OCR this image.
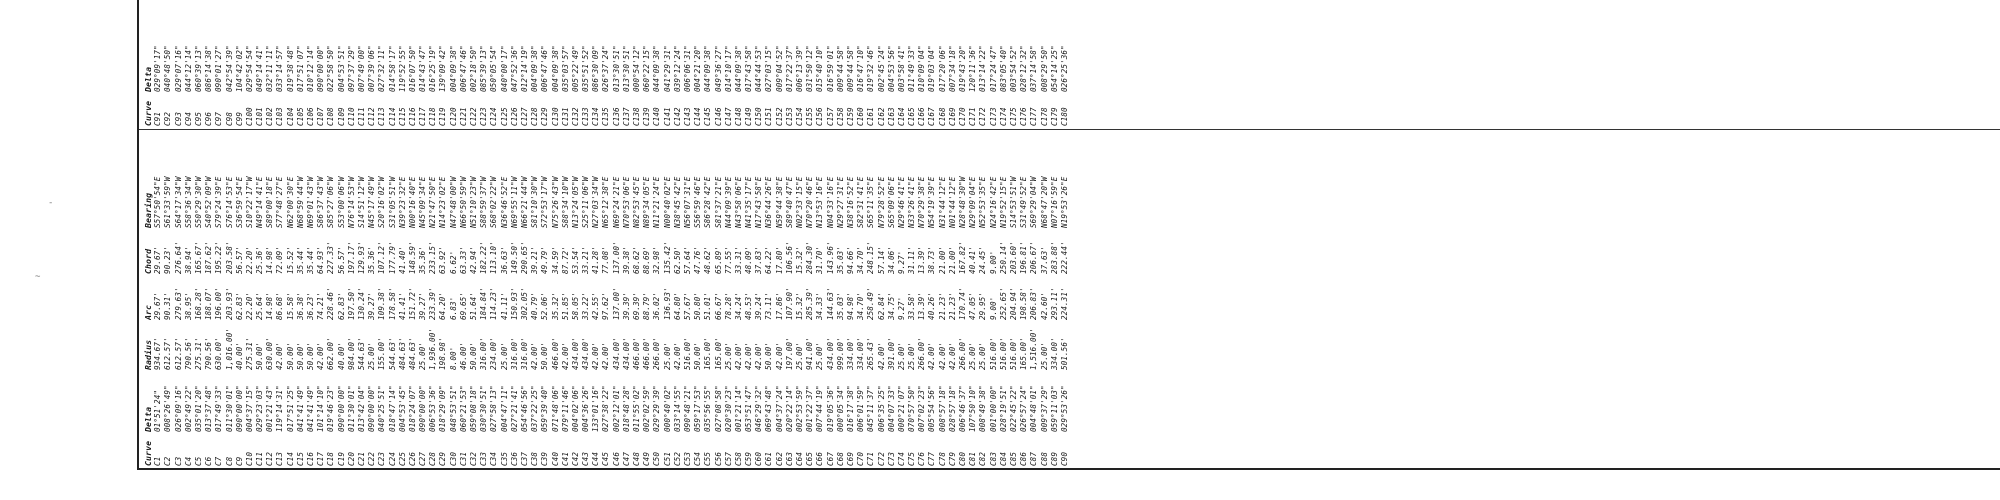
Curve
Delta
Radius
Arc
Chord
Bearing
C1
01°51'24"
934.67'
29.67'
29.67'
S57°50'54"E
C2
008°26'49"
612.57'
90.31'
90.23'
S61°33'59"W
C3
026°09'16"
612.57'
279.63'
276.64'
S64°17'34"W
C4
002°49'22"
790.56'
38.95'
38.94'
S58°36'34"W
C5
035°01'20"
275.31'
168.28'
165.67'
S50°29'30"W
C6
013°37'48"
790.56'
188.07'
187.62'
S40°52'09"W
C7
017°49'33"
630.00'
196.00'
195.22'
S79°24'39"E
C8
011°30'01"
1,016.00'
203.93'
203.58'
S76°14'53"E
C9
090°00'00"
40.00'
62.83'
56.57'
S36°59'54"E
C10
004°37'15"
275.31'
22.20'
22.20'
S10°22'17"W
C11
029°23'03"
50.00'
25.64'
25.36'
N49°14'41"E
C12
001°21'43"
630.00'
14.98'
14.98'
S89°00'18"E
C13
119°14'31"
42.00'
86.68'
72.09'
S77°48'27"E
C14
017°51'25"
50.00'
15.58'
15.52'
N62°00'30"E
C15
041°41'49"
50.00'
36.38'
35.44'
N68°59'44"W
C16
041°41'49"
50.00'
36.23'
35.44'
N69°01'43"W
C17
101°14'10"
42.00'
74.21'
64.93'
S86°37'43"W
C18
019°46'23"
662.00'
228.46'
227.33'
S85°27'06"W
C19
090°00'00"
40.00'
62.83'
56.57'
S53°00'06"W
C20
011°30'01"
984.00'
197.50'
197.17'
N76°14'53"W
C21
013°42'04"
544.63'
130.24'
129.93'
S14°51'12"W
C22
090°00'00"
25.00'
39.27'
35.36'
N45°17'49"W
C23
040°25'51"
155.00'
109.38'
107.12'
S20°16'02"W
C24
018°47'14"
544.63'
178.58'
177.79'
S31°05'51"W
C25
004°53'45"
484.63'
41.41'
41.40'
N39°23'32"E
C26
018°24'07"
484.63'
151.72'
148.59'
N00°16'40"E
C27
090°00'00"
25.00'
39.27'
35.36'
N45°09'34"E
C28
006°53'36"
1,936.00'
233.39'
233.15'
N21°47'50"E
C29
018°29'09"
198.98'
64.20'
63.92'
N14°23'02"E
C30
048°53'51"
8.00'
6.83'
6.62'
N47°48'00"W
C31
060°21'53"
46.00'
69.65'
63.33'
N66°50'59"W
C32
059°08'18"
50.00'
51.64'
42.94'
N51°10'23"W
C33
030°30'51"
316.00'
184.84'
182.22'
S88°59'37"W
C34
027°58'13"
234.00'
114.23'
113.10'
S68°02'22"W
C35
004°47'11"
25.00'
41.11'
36.63'
N36°46'52"E
C36
027°21'41"
316.00'
150.93'
149.50'
N69°55'11"W
C37
054°46'56"
316.00'
302.05'
290.65'
N66°21'44"W
C38
037°22'25"
42.00'
40.79'
39.21'
S81°10'30"W
C39
059°39'40"
50.00'
52.06'
49.79'
S72°53'17"W
C40
071°48'06"
466.00'
35.32'
34.59'
N75°26'43"W
C41
079°11'46"
42.00'
51.85'
87.72'
S88°34'10"W
C42
004°02'06"
434.00'
58.05'
53.54'
N13°24'05"W
C43
004°36'26"
434.00'
33.22'
33.21'
S25°11'06"W
C44
133°01'16"
42.00'
42.55'
41.28'
N27°03'34"W
C45
027°38'22"
42.00'
97.62'
77.08'
N65°12'38"E
C46
002°12'01"
434.00'
137.00'
137.00'
N69°24'21"E
C47
018°48'28"
434.00'
39.39'
39.38'
N70°53'06"E
C48
011°55'02"
466.00'
69.39'
68.62'
N82°53'45"E
C49
002°02'59"
466.00'
88.79'
88.69'
N89°34'05"E
C50
029°29'39"
266.00'
36.02'
32.98'
N11°21'24"E
C51
000°40'02"
25.00'
136.93'
135.42'
N00°40'02"E
C52
033°14'55"
42.00'
64.80'
62.50'
N38°45'42"E
C53
090°48'21"
516.00'
57.67'
57.64'
N56°07'31"E
C54
059°17'53"
50.00'
50.80'
47.76'
S56°59'46"E
C55
035°56'55"
165.00'
51.01'
48.62'
S86°28'42"E
C56
027°08'58"
165.00'
66.67'
65.89'
S81°37'21"E
C57
020°30'23"
25.00'
78.28'
77.55'
N44°09'39"E
C58
001°21'14"
42.00'
34.24'
33.31'
N43°58'06"E
C59
053°51'47"
42.00'
48.53'
48.09'
N41°35'17"E
C60
046°29'32"
42.00'
39.24'
37.83'
N17°43'58"E
C61
069°43'48"
50.00'
73.11'
64.22'
N36°44'26"E
C62
004°37'24"
42.00'
17.86'
17.80'
N59°44'38"E
C63
020°22'14"
197.00'
107.90'
106.56'
S89°40'47"E
C64
002°53'59"
25.00'
15.32'
15.32'
N02°33'15"E
C65
001°22'37"
941.00'
285.39'
284.30'
N70°20'46"E
C66
007°44'19"
25.00'
34.33'
31.70'
N13°53'16"E
C67
019°05'36"
434.00'
144.63'
143.96'
N04°33'16"E
C68
000°05'34"
999.00'
35.03'
35.03'
N29°27'31"E
C69
016°17'38"
334.00'
94.98'
94.66'
N38°16'52"E
C70
006°01'59"
334.00'
34.70'
34.70'
S82°31'41"E
C71
045°11'37"
265.43'
258.49'
248.15'
S65°11'35"E
C72
006°35'25"
42.00'
62.84'
57.14'
N79°28'52"E
C73
004°07'33"
391.00'
34.75'
34.06'
S65°09'06"E
C74
000°21'07"
25.00'
9.27'
9.27'
N29°46'41"E
C75
070°57'50"
25.00'
33.58'
31.11'
N33°26'41"E
C76
007°02'23"
266.00'
13.39'
13.39'
N70°29'38"E
C77
005°54'56"
42.00'
40.26'
38.73'
N54°19'39"E
C78
008°57'18"
42.00'
21.23'
21.00'
N31°44'12"E
C79
028°57'18"
42.00'
21.23'
21.00'
N01°44'12"E
C80
006°46'37"
266.00'
170.74'
167.82'
N28°48'30"W
C81
107°50'10"
25.00'
47.05'
40.41'
N29°09'04"E
C82
008°49'38"
25.00'
29.95'
24.45'
N52°53'35"E
C83
001°00'00"
516.00'
9.00'
9.00'
N24°16'42"E
C84
028°19'51"
516.00'
252.65'
250.14'
N19°52'15"E
C85
022°45'22"
516.00'
204.94'
203.60'
S14°53'51"W
C86
026°57'24"
165.00'
198.58'
196.81'
S31°49'52"E
C87
004°48'01"
1,516.00'
206.83'
206.67'
S69°29'04"W
C88
009°37'29"
25.00'
42.60'
37.63'
N68°47'20"W
C89
059°11'03"
334.00'
293.11'
283.88'
N07°16'59"E
C90
029°53'26"
501.56'
224.31'
222.44'
N19°53'26"E
Curve
Delta
C91
029°09'17"
C92
040°48'50"
C93
029°07'16"
C94
044°12'14"
C95
060°39'13"
C96
086°14'38"
C97
090°01'27"
C98
042°54'39"
C99
104°42'02"
C100
029°54'54"
C101
049°14'41"
C102
032°11'11"
C103
033°14'57"
C104
019°38'48"
C105
017°51'07"
C106
010°12'14"
C107
090°00'00"
C108
022°58'50"
C109
004°53'51"
C110
097°37'29"
C111
007°49'00"
C112
007°39'06"
C113
027°32'11"
C114
014°58'17"
C115
119°52'55"
C116
016°07'50"
C117
014°43'47"
C118
016°25'19"
C119
139°09'42"
C120
004°09'38"
C121
006°47'46"
C122
002°18'50"
C123
085°39'13"
C124
050°05'54"
C125
040°00'17"
C126
047°52'36"
C127
012°14'19"
C128
004°09'38"
C129
006°47'46"
C130
004°09'38"
C131
035°03'57"
C132
005°22'49"
C133
035°51'52"
C134
086°30'09"
C135
026°37'24"
C136
013°30'51"
C137
013°30'51"
C138
000°54'12"
C139
060°22'15"
C140
044°09'38"
C141
041°29'31"
C142
039°12'24"
C143
006°06'31"
C144
004°21'20"
C145
044°09'38"
C146
049°36'27"
C147
014°10'17"
C148
044°09'38"
C149
017°43'58"
C150
044°44'53"
C151
027°03'15"
C152
009°04'52"
C153
017°22'37"
C154
006°13'39"
C155
031°50'12"
C156
015°40'10"
C157
016°59'01"
C158
009°44'58"
C159
009°44'58"
C160
016°47'10"
C161
019°32'46"
C162
002°45'24"
C163
004°53'56"
C164
003°58'41"
C165
011°49'33"
C166
010°09'04"
C167
019°03'04"
C168
017°20'06"
C169
007°34'18"
C170
019°43'20"
C171
120°11'36"
C172
013°14'22"
C173
017°24'47"
C174
083°05'40"
C175
003°54'52"
C176
028°12'32"
C177
037°14'58"
C178
008°29'50"
C179
054°14'25"
C180
026°25'36"
-
~
